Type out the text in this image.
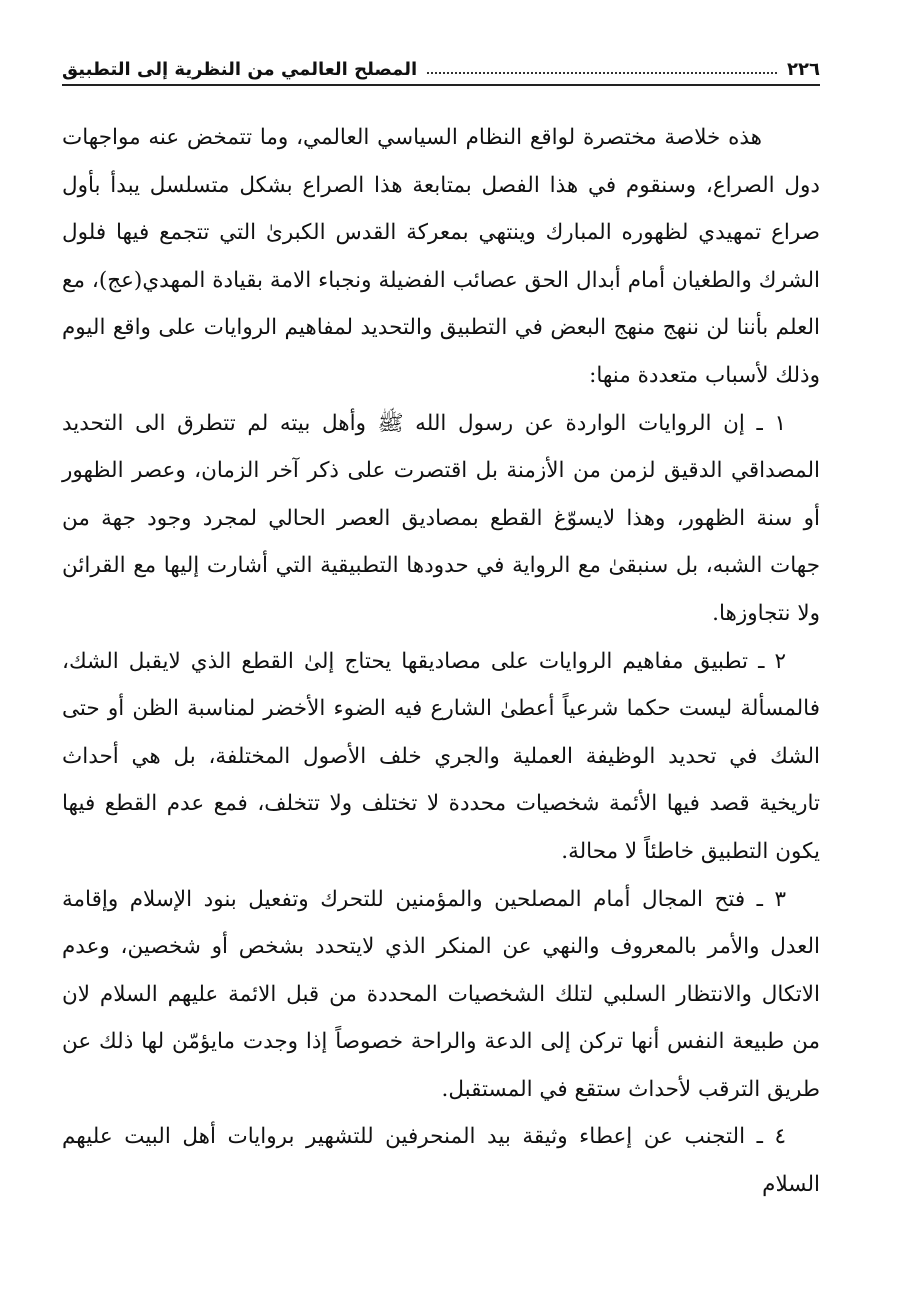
٢٢٦
المصلح العالمي من النظرية إلى التطبيق

هذه خلاصة مختصرة لواقع النظام السياسي العالمي، وما تتمخض عنه مواجهات دول الصراع، وسنقوم في هذا الفصل بمتابعة هذا الصراع بشكل متسلسل يبدأ بأول صراع تمهيدي لظهوره المبارك وينتهي بمعركة القدس الكبرىٰ التي تتجمع فيها فلول الشرك والطغيان أمام أبدال الحق عصائب الفضيلة ونجباء الامة بقيادة المهدي(عج)، مع العلم بأننا لن ننهج منهج البعض في التطبيق والتحديد لمفاهيم الروايات على واقع اليوم وذلك لأسباب متعددة منها:

١ ـ إن الروايات الواردة عن رسول الله ﷺ وأهل بيته لم تتطرق الى التحديد المصداقي الدقيق لزمن من الأزمنة بل اقتصرت على ذكر آخر الزمان، وعصر الظهور أو سنة الظهور، وهذا لايسوّغ القطع بمصاديق العصر الحالي لمجرد وجود جهة من جهات الشبه، بل سنبقىٰ مع الرواية في حدودها التطبيقية التي أشارت إليها مع القرائن ولا نتجاوزها.

٢ ـ تطبيق مفاهيم الروايات على مصاديقها يحتاج إلىٰ القطع الذي لايقبل الشك، فالمسألة ليست حكما شرعياً أعطىٰ الشارع فيه الضوء الأخضر لمناسبة الظن أو حتى الشك في تحديد الوظيفة العملية والجري خلف الأصول المختلفة، بل هي أحداث تاريخية قصد فيها الأئمة شخصيات محددة لا تختلف ولا تتخلف، فمع عدم القطع فيها يكون التطبيق خاطئاً لا محالة.

٣ ـ فتح المجال أمام المصلحين والمؤمنين للتحرك وتفعيل بنود الإسلام وإقامة العدل والأمر بالمعروف والنهي عن المنكر الذي لايتحدد بشخص أو شخصين، وعدم الاتكال والانتظار السلبي لتلك الشخصيات المحددة من قبل الائمة عليهم السلام لان من طبيعة النفس أنها تركن إلى الدعة والراحة خصوصاً إذا وجدت مايؤمّن لها ذلك عن طريق الترقب لأحداث ستقع في المستقبل.

٤ ـ التجنب عن إعطاء وثيقة بيد المنحرفين للتشهير بروايات أهل البيت عليهم السلام
